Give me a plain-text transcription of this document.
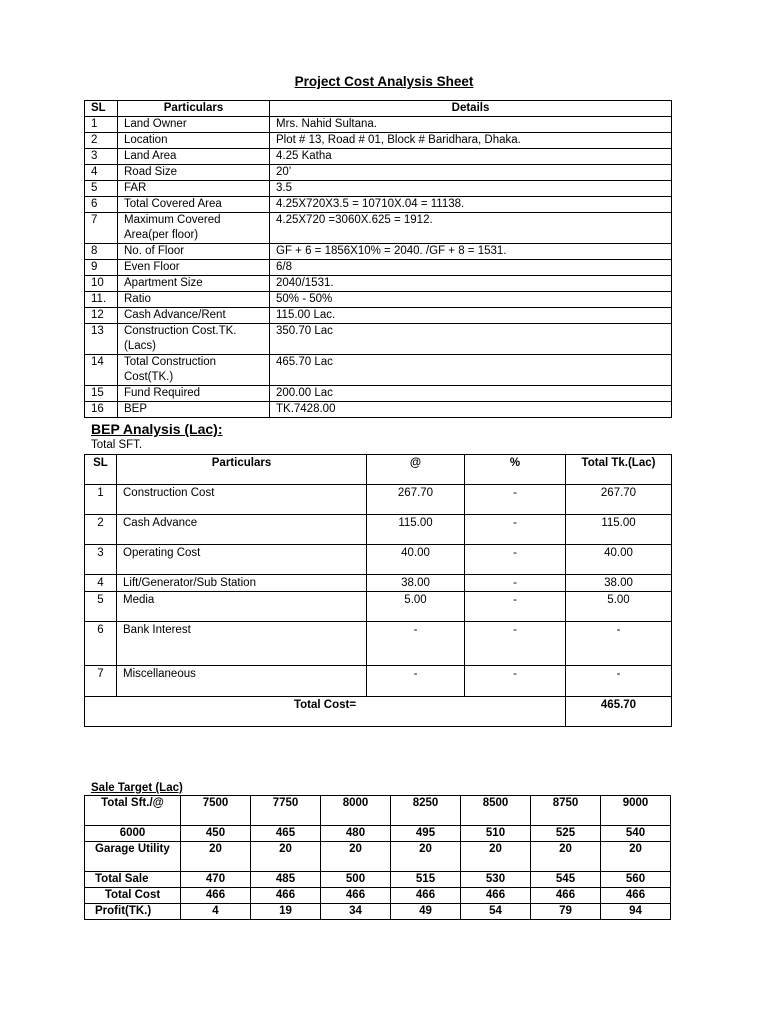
Project Cost Analysis Sheet
SL	Particulars	Details
1	Land Owner	Mrs. Nahid Sultana.
2	Location	Plot # 13, Road # 01, Block # Baridhara, Dhaka.
3	Land Area	4.25 Katha
4	Road Size	20’
5	FAR	3.5
6	Total Covered Area	4.25X720X3.5 = 10710X.04 = 11138.
7	Maximum Covered Area(per floor)	4.25X720 =3060X.625 = 1912.
8	No. of Floor	GF + 6 = 1856X10% = 2040. /GF + 8 = 1531.
9	Even Floor	6/8
10	Apartment Size	2040/1531.
11.	Ratio	50% - 50%
12	Cash Advance/Rent	115.00 Lac.
13	Construction Cost.TK. (Lacs)	350.70 Lac
14	Total Construction Cost(TK.)	465.70 Lac
15	Fund Required	200.00 Lac
16	BEP	TK.7428.00
BEP Analysis (Lac):
Total SFT.
SL	Particulars	@	%	Total Tk.(Lac)
1	Construction Cost	267.70	-	267.70
2	Cash Advance	115.00	-	115.00
3	Operating Cost	40.00	-	40.00
4	Lift/Generator/Sub Station	38.00	-	38.00
5	Media	5.00	-	5.00
6	Bank Interest	-	-	-
7	Miscellaneous	-	-	-
Total Cost=				465.70
Sale Target (Lac)
Total Sft./@	7500	7750	8000	8250	8500	8750	9000
6000	450	465	480	495	510	525	540
Garage Utility	20	20	20	20	20	20	20
Total Sale	470	485	500	515	530	545	560
Total Cost	466	466	466	466	466	466	466
Profit(TK.)	4	19	34	49	54	79	94
